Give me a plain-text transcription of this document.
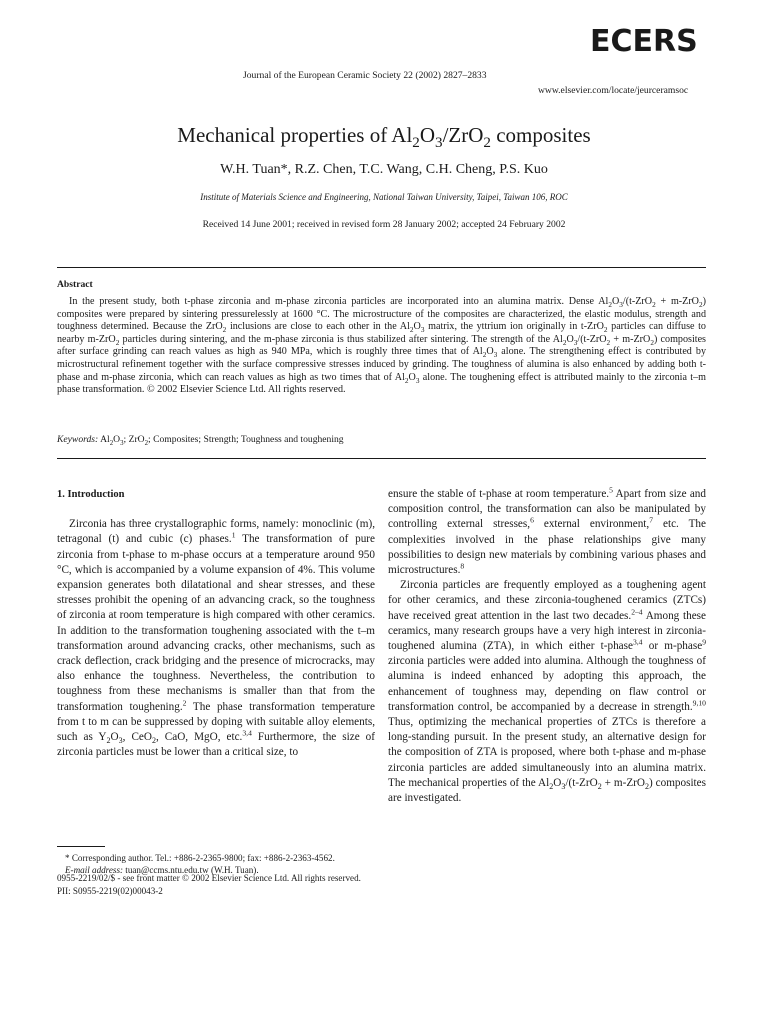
ECERS
Journal of the European Ceramic Society 22 (2002) 2827–2833
www.elsevier.com/locate/jeurceramsoc
Mechanical properties of $Al_2O_3/ZrO_2$ composites
W.H. Tuan*, R.Z. Chen, T.C. Wang, C.H. Cheng, P.S. Kuo
Institute of Materials Science and Engineering, National Taiwan University, Taipei, Taiwan 106, ROC
Received 14 June 2001; received in revised form 28 January 2002; accepted 24 February 2002
Abstract

In the present study, both t-phase zirconia and m-phase zirconia particles are incorporated into an alumina matrix. Dense $Al_2O_3/(t-ZrO_2 + m-ZrO_2)$ composites were prepared by sintering pressurelessly at 1600 °C. The microstructure of the composites are characterized, the elastic modulus, strength and toughness determined. Because the ZrO$_2$ inclusions are close to each other in the $Al_2O_3$ matrix, the yttrium ion originally in t-ZrO$_2$ particles can diffuse to nearby m-ZrO$_2$ particles during sintering, and the m-phase zirconia is thus stabilized after sintering. The strength of the $Al_2O_3/(t-ZrO_2 + m-ZrO_2)$ composites after surface grinding can reach values as high as 940 MPa, which is roughly three times that of $Al_2O_3$ alone. The strengthening effect is contributed by microstructural refinement together with the surface compressive stresses induced by grinding. The toughness of alumina is also enhanced by adding both t-phase and m-phase zirconia, which can reach values as high as two times that of $Al_2O_3$ alone. The toughening effect is attributed mainly to the zirconia t–m phase transformation. © 2002 Elsevier Science Ltd. All rights reserved.

Keywords: $Al_2O_3$; ZrO$_2$; Composites; Strength; Toughness and toughening
1. Introduction

Zirconia has three crystallographic forms, namely: monoclinic (m), tetragonal (t) and cubic (c) phases.$^1$ The transformation of pure zirconia from t-phase to m-phase occurs at a temperature around 950 °C, which is accompanied by a volume expansion of 4%. This volume expansion generates both dilatational and shear stresses, and these stresses prohibit the opening of an advancing crack, so the toughness of zirconia at room temperature is high compared with other ceramics. In addition to the transformation toughening associated with the t–m transformation around advancing cracks, other mechanisms, such as crack deflection, crack bridging and the presence of microcracks, may also enhance the toughness. Nevertheless, the contribution to toughness from these mechanisms is smaller than that from the transformation toughening.$^2$ The phase transformation temperature from t to m can be suppressed by doping with suitable alloy elements, such as $Y_2O_3$, CeO$_2$, CaO, MgO, etc.$^{3,4}$ Furthermore, the size of zirconia particles must be lower than a critical size, to

ensure the stable of t-phase at room temperature.$^5$ Apart from size and composition control, the transformation can also be manipulated by controlling external stresses,$^6$ external environment,$^7$ etc. The complexities involved in the phase relationships give many possibilities to design new materials by combining various phases and microstructures.$^8$

Zirconia particles are frequently employed as a toughening agent for other ceramics, and these zirconia-toughened ceramics (ZTCs) have received great attention in the last two decades.$^{2-4}$ Among these ceramics, many research groups have a very high interest in zirconia-toughened alumina (ZTA), in which either t-phase$^{3,4}$ or m-phase$^9$ zirconia particles were added into alumina. Although the toughness of alumina is indeed enhanced by adopting this approach, the enhancement of toughness may, depending on flaw control or transformation control, be accompanied by a decrease in strength.$^{9,10}$ Thus, optimizing the mechanical properties of ZTCs is therefore a long-standing pursuit. In the present study, an alternative design for the composition of ZTA is proposed, where both t-phase and m-phase zirconia particles are added simultaneously into an alumina matrix. The mechanical properties of the $Al_2O_3/(t-ZrO_2 + m-ZrO_2)$ composites are investigated.

* Corresponding author. Tel.: +886-2-2365-9800; fax: +886-2-2363-4562.

E-mail address: tuan@ccms.ntu.edu.tw (W.H. Tuan).

0955-2219/02/$ - see front matter © 2002 Elsevier Science Ltd. All rights reserved.
PII: S0955-2219(02)00043-2
